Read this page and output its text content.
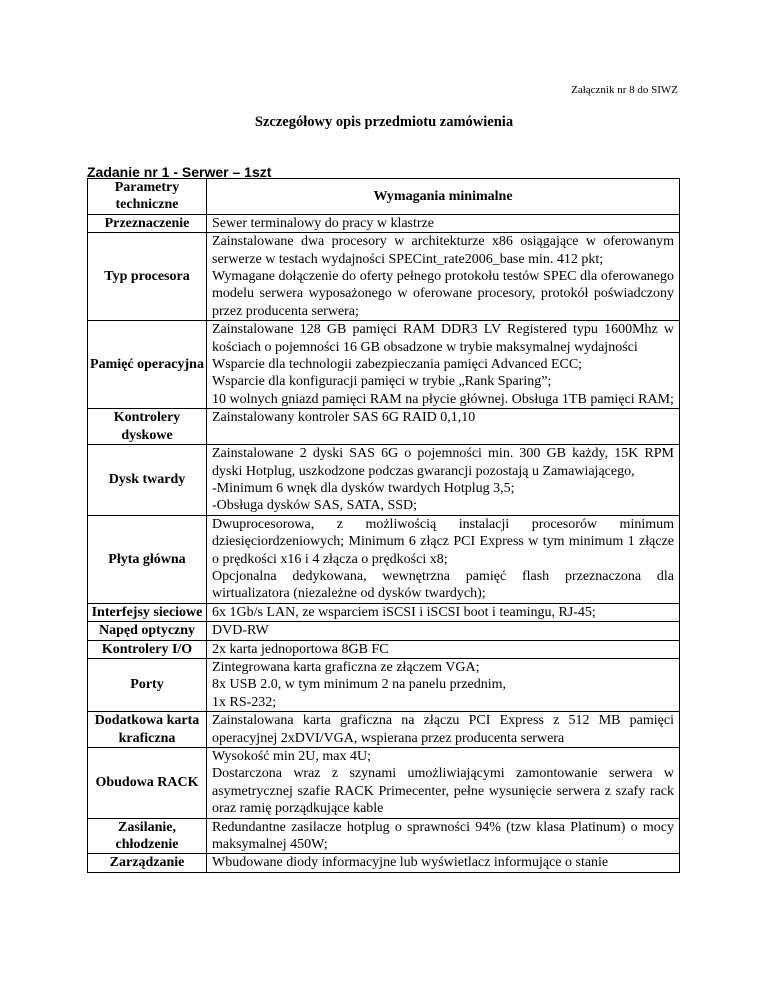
Załącznik nr 8 do SIWZ
Szczegółowy opis przedmiotu zamówienia
Zadanie nr 1 - Serwer – 1szt
Parametry techniczne	Wymagania minimalne
Przeznaczenie	Sewer terminalowy do pracy w klastrze

Typ procesora	Zainstalowane dwa procesory w architekturze x86 osiągające w oferowanym serwerze w testach wydajności SPECint_rate2006_base min. 412 pkt;
Wymagane dołączenie do oferty pełnego protokołu testów SPEC dla oferowanego modelu serwera wyposażonego w oferowane procesory, protokół poświadczony przez producenta serwera;

Pamięć operacyjna	Zainstalowane 128 GB pamięci RAM DDR3 LV Registered typu 1600Mhz w kościach o pojemności 16 GB obsadzone w trybie maksymalnej wydajności
Wsparcie dla technologii zabezpieczania pamięci Advanced ECC;
Wsparcie dla konfiguracji pamięci w trybie „Rank Sparing”;
10 wolnych gniazd pamięci RAM na płycie głównej. Obsługa 1TB pamięci RAM;

Kontrolery dyskowe	Zainstalowany kontroler SAS 6G RAID 0,1,10

Dysk twardy	Zainstalowane 2 dyski SAS 6G o pojemności min. 300 GB każdy, 15K RPM dyski Hotplug, uszkodzone podczas gwarancji pozostają u Zamawiającego,
-Minimum 6 wnęk dla dysków twardych Hotplug 3,5;
-Obsługa dysków SAS, SATA, SSD;

Płyta główna	Dwuprocesorowa, z możliwością instalacji procesorów minimum dziesięciordzeniowych; Minimum 6 złącz PCI Express w tym minimum 1 złącze o prędkości x16 i 4 złącza o prędkości x8;
Opcjonalna dedykowana, wewnętrzna pamięć flash przeznaczona dla wirtualizatora (niezależne od dysków twardych);

Interfejsy sieciowe	6x 1Gb/s LAN, ze wsparciem iSCSI i iSCSI boot i teamingu, RJ-45;

Napęd optyczny	DVD-RW

Kontrolery I/O	2x karta jednoportowa 8GB FC

Porty	Zintegrowana karta graficzna ze złączem VGA;
8x USB 2.0, w tym minimum 2 na panelu przednim,
1x RS-232;

Dodatkowa karta kraficzna	Zainstalowana karta graficzna na złączu PCI Express z 512 MB pamięci operacyjnej 2xDVI/VGA, wspierana przez producenta serwera

Obudowa RACK	Wysokość min 2U, max 4U;
Dostarczona wraz z szynami umożliwiającymi zamontowanie serwera w asymetrycznej szafie RACK Primecenter, pełne wysunięcie serwera z szafy rack oraz ramię porządkujące kable

Zasilanie, chłodzenie	Redundantne zasilacze hotplug o sprawności 94% (tzw klasa Platinum) o mocy maksymalnej 450W;

Zarządzanie	Wbudowane diody informacyjne lub wyświetlacz informujące o stanie
